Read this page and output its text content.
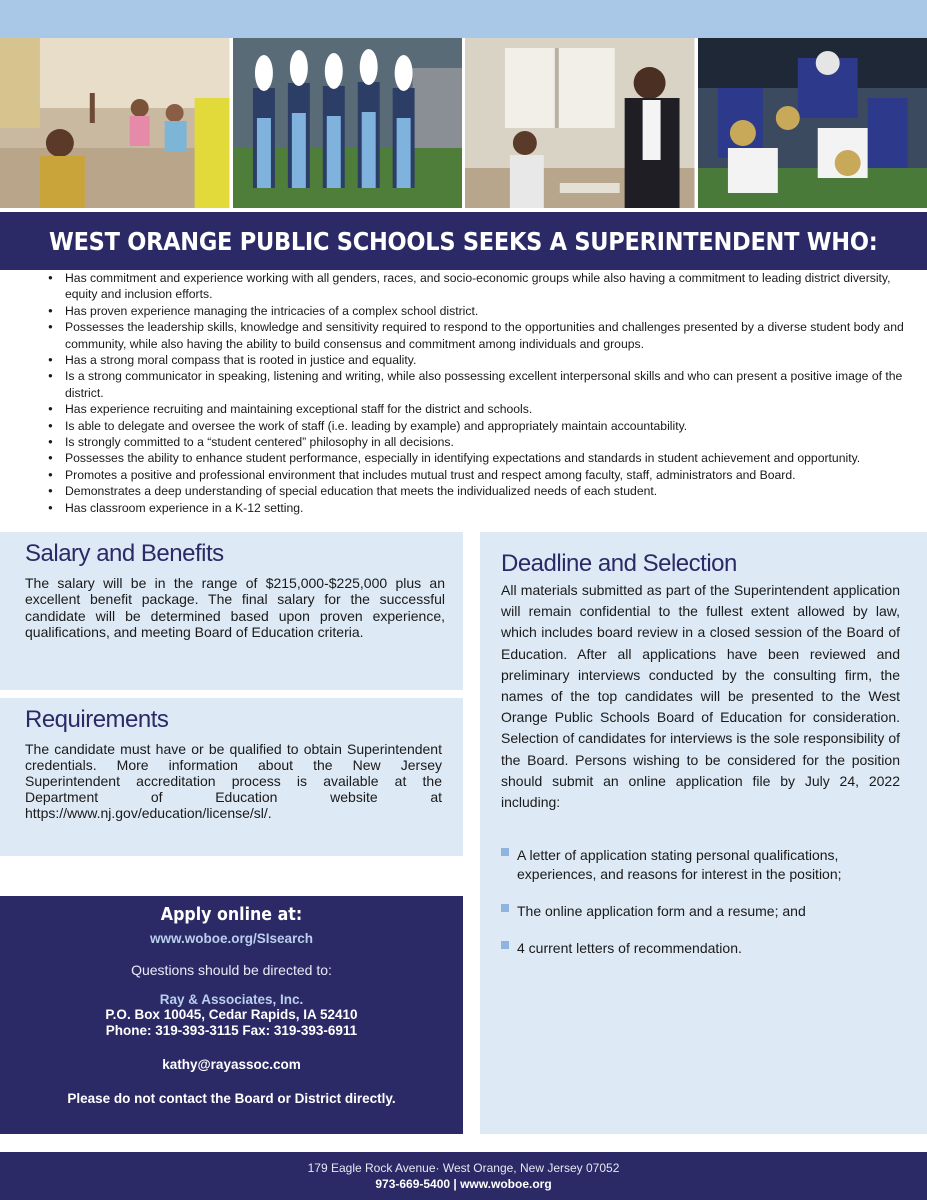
WEST ORANGE PUBLIC SCHOOLS SEEKS A SUPERINTENDENT WHO:
● Has commitment and experience working with all genders, races, and socio-economic groups while also having a commitment to leading district diversity, equity and inclusion efforts.
● Has proven experience managing the intricacies of a complex school district.
● Possesses the leadership skills, knowledge and sensitivity required to respond to the opportunities and challenges presented by a diverse student body and community, while also having the ability to build consensus and commitment among individuals and groups.
● Has a strong moral compass that is rooted in justice and equality.
● Is a strong communicator in speaking, listening and writing, while also possessing excellent interpersonal skills and who can present a positive image of the district.
● Has experience recruiting and maintaining exceptional staff for the district and schools.
● Is able to delegate and oversee the work of staff (i.e. leading by example) and appropriately maintain accountability.
● Is strongly committed to a “student centered” philosophy in all decisions.
● Possesses the ability to enhance student performance, especially in identifying expectations and standards in student achievement and opportunity.
● Promotes a positive and professional environment that includes mutual trust and respect among faculty, staff, administrators and Board.
● Demonstrates a deep understanding of special education that meets the individualized needs of each student.
● Has classroom experience in a K-12 setting.
Salary and Benefits
The salary will be in the range of $215,000-$225,000 plus an excellent benefit package. The final salary for the successful candidate will be determined based upon proven experience, qualifications, and meeting Board of Education criteria.
Requirements
The candidate must have or be qualified to obtain Superintendent credentials. More information about the New Jersey Superintendent accreditation process is available at the Department of Education website at https://www.nj.gov/education/license/sl/.
Deadline and Selection
All materials submitted as part of the Superintendent application will remain confidential to the fullest extent allowed by law, which includes board review in a closed session of the Board of Education. After all applications have been reviewed and preliminary interviews conducted by the consulting firm, the names of the top candidates will be presented to the West Orange Public Schools Board of Education for consideration. Selection of candidates for interviews is the sole responsibility of the Board. Persons wishing to be considered for the position should submit an online application file by July 24, 2022 including:
A letter of application stating personal qualifications, experiences, and reasons for interest in the position;
The online application form and a resume; and
4 current letters of recommendation.
Apply online at:
www.woboe.org/SIsearch
Questions should be directed to:
Ray & Associates, Inc.
P.O. Box 10045, Cedar Rapids, IA 52410
Phone: 319-393-3115 Fax: 319-393-6911
kathy@rayassoc.com
Please do not contact the Board or District directly.
179 Eagle Rock Avenue· West Orange, New Jersey 07052
973-669-5400 | www.woboe.org
